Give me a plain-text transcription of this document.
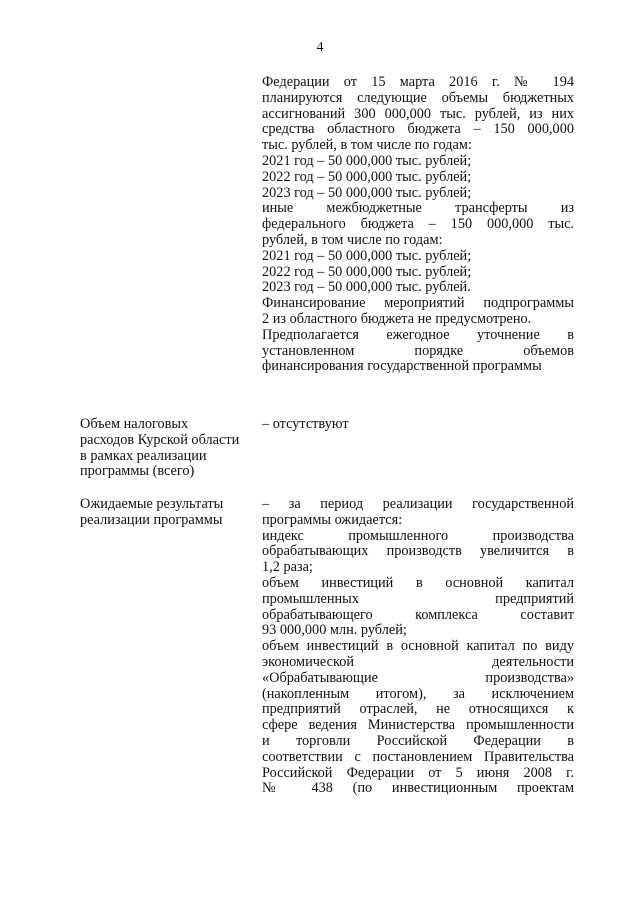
4
Федерации от 15 марта 2016 г. № 194
планируются следующие объемы бюджетных
ассигнований 300 000,000 тыс. рублей, из них
средства областного бюджета – 150 000,000
тыс. рублей, в том числе по годам:
2021 год – 50 000,000 тыс. рублей;
2022 год – 50 000,000 тыс. рублей;
2023 год – 50 000,000 тыс. рублей;
иные межбюджетные трансферты из
федерального бюджета – 150 000,000 тыс.
рублей, в том числе по годам:
2021 год – 50 000,000 тыс. рублей;
2022 год – 50 000,000 тыс. рублей;
2023 год – 50 000,000 тыс. рублей.
Финансирование мероприятий подпрограммы
2 из областного бюджета не предусмотрено.
Предполагается ежегодное уточнение в
установленном порядке объемов
финансирования государственной программы
Объем налоговых
расходов Курской области
в рамках реализации
программы (всего)
– отсутствуют
Ожидаемые результаты
реализации программы
– за период реализации государственной
программы ожидается:
индекс промышленного производства
обрабатывающих производств увеличится в
1,2 раза;
объем инвестиций в основной капитал
промышленных предприятий
обрабатывающего комплекса составит
93 000,000 млн. рублей;
объем инвестиций в основной капитал по виду
экономической деятельности
«Обрабатывающие производства»
(накопленным итогом), за исключением
предприятий отраслей, не относящихся к
сфере ведения Министерства промышленности
и торговли Российской Федерации в
соответствии с постановлением Правительства
Российской Федерации от 5 июня 2008 г.
№ 438 (по инвестиционным проектам
